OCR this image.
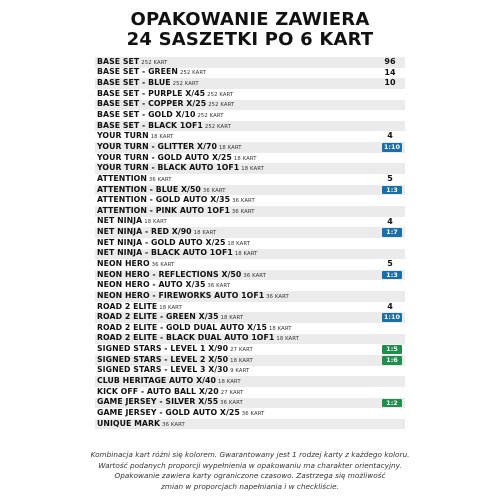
OPAKOWANIE ZAWIERA
24 SASZETKI PO 6 KART
BASE SET 252 KART	96
BASE SET - GREEN 252 KART	14
BASE SET - BLUE 252 KART	10
BASE SET - PURPLE X/45 252 KART
BASE SET - COPPER X/25 252 KART
BASE SET - GOLD X/10 252 KART
BASE SET - BLACK 1OF1 252 KART
YOUR TURN 18 KART	4
YOUR TURN - GLITTER X/70 18 KART	1:10
YOUR TURN - GOLD AUTO X/25 18 KART
YOUR TURN - BLACK AUTO 1OF1 18 KART
ATTENTION 36 KART	5
ATTENTION - BLUE X/50 36 KART	1:3
ATTENTION - GOLD AUTO X/35 36 KART
ATTENTION - PINK AUTO 1OF1 36 KART
NET NINJA 18 KART	4
NET NINJA - RED X/90 18 KART	1:7
NET NINJA - GOLD AUTO X/25 18 KART
NET NINJA - BLACK AUTO 1OF1 18 KART
NEON HERO 36 KART	5
NEON HERO - REFLECTIONS X/50 36 KART	1:3
NEON HERO - AUTO X/35 36 KART
NEON HERO - FIREWORKS AUTO 1OF1 36 KART
ROAD 2 ELITE 18 KART	4
ROAD 2 ELITE - GREEN X/35 18 KART	1:10
ROAD 2 ELITE - GOLD DUAL AUTO X/15 18 KART
ROAD 2 ELITE - BLACK DUAL AUTO 1OF1 18 KART
SIGNED STARS - LEVEL 1 X/90 27 KART	1:5
SIGNED STARS - LEVEL 2 X/50 18 KART	1:6
SIGNED STARS - LEVEL 3 X/30 9 KART
CLUB HERITAGE AUTO X/40 18 KART
KICK OFF - AUTO BALL X/20 27 KART
GAME JERSEY - SILVER X/55 36 KART	1:2
GAME JERSEY - GOLD AUTO X/25 36 KART
UNIQUE MARK 36 KART
Kombinacja kart różni się kolorem. Gwarantowany jest 1 rodzej karty z każdego koloru.
Wartość podanych proporcji wypełnienia w opakowaniu ma charakter orientacyjny.
Opakowanie zawiera karty ograniczone czasowo. Zastrzega się możliwość
zmian w proporcjach napełniania i w checkliście.
